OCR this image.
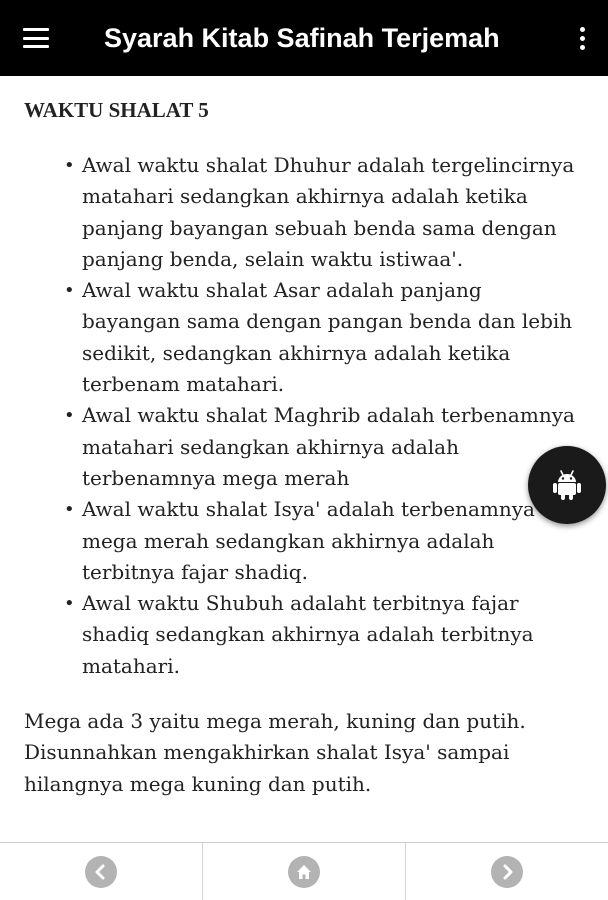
Syarah Kitab Safinah Terjemah
WAKTU SHALAT 5
• Awal waktu shalat Dhuhur adalah tergelincirnya matahari sedangkan akhirnya adalah ketika panjang bayangan sebuah benda sama dengan panjang benda, selain waktu istiwaa'.
• Awal waktu shalat Asar adalah panjang bayangan sama dengan pangan benda dan lebih sedikit, sedangkan akhirnya adalah ketika terbenam matahari.
• Awal waktu shalat Maghrib adalah terbenamnya matahari sedangkan akhirnya adalah terbenamnya mega merah
• Awal waktu shalat Isya' adalah terbenamnya mega merah sedangkan akhirnya adalah terbitnya fajar shadiq.
• Awal waktu Shubuh adalaht terbitnya fajar shadiq sedangkan akhirnya adalah terbitnya matahari.

Mega ada 3 yaitu mega merah, kuning dan putih. Disunnahkan mengakhirkan shalat Isya' sampai hilangnya mega kuning dan putih.
